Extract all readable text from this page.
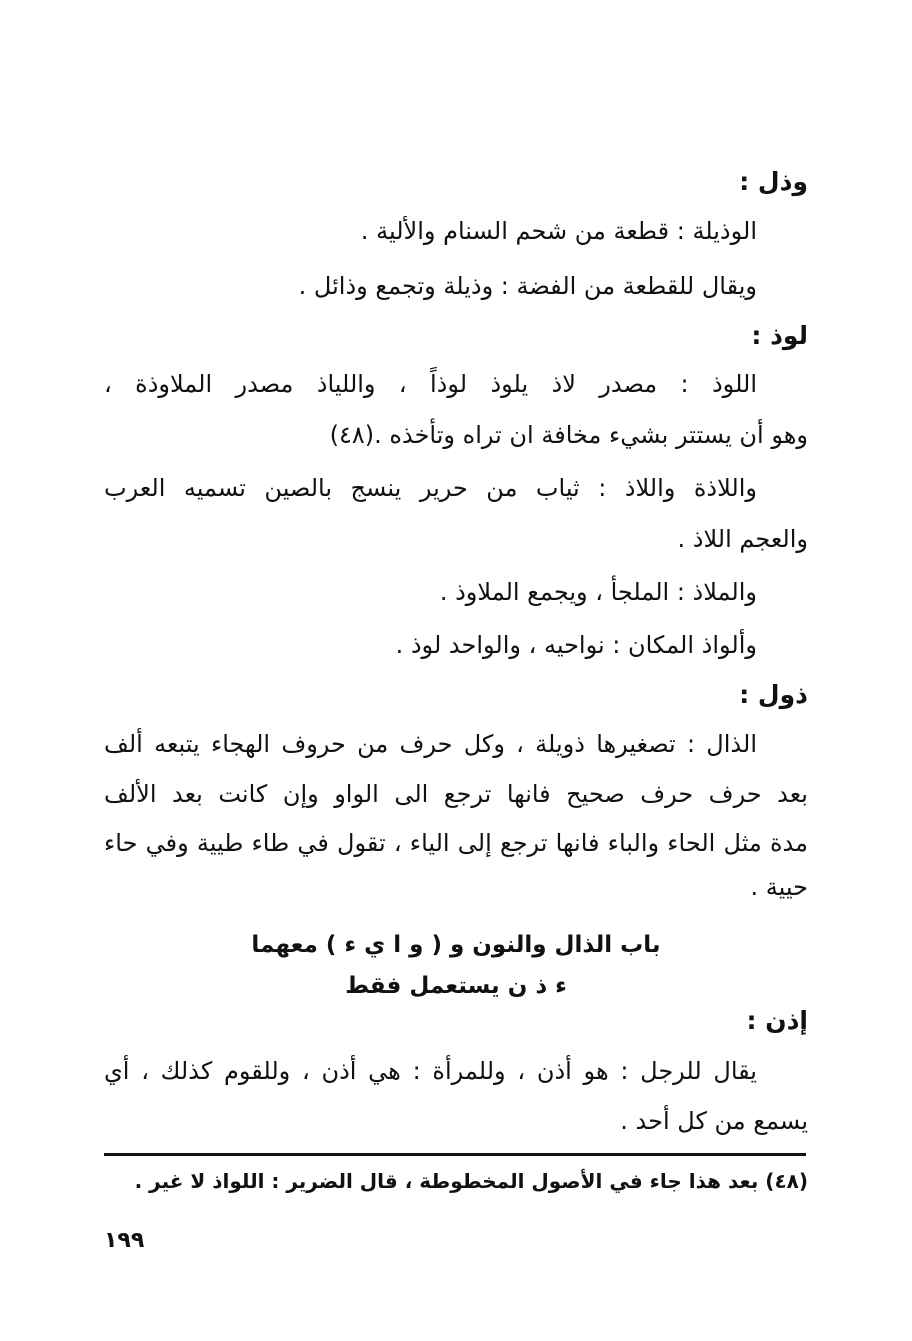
وذل :
الوذيلة : قطعة من شحم السنام والألية .
ويقال للقطعة من الفضة : وذيلة وتجمع وذائل .
لوذ :
اللوذ : مصدر لاذ يلوذ لوذاً ، واللياذ مصدر الملاوذة ،
وهو أن يستتر بشيء مخافة ان تراه وتأخذه .(٤٨)
واللاذة واللاذ : ثياب من حرير ينسج بالصين تسميه العرب
والعجم اللاذ .
والملاذ : الملجأ ، ويجمع الملاوذ .
وألواذ المكان : نواحيه ، والواحد لوذ .
ذول :
الذال : تصغيرها ذويلة ، وكل حرف من حروف الهجاء يتبعه ألف
بعد حرف حرف صحيح فانها ترجع الى الواو وإن كانت بعد الألف
مدة مثل الحاء والباء فانها ترجع إلى الياء ، تقول في طاء طيية وفي حاء
حيية .
باب الذال والنون و ( و ا ي ء ) معهما
ء ذ ن يستعمل فقط
إذن :
يقال للرجل : هو أذن ، وللمرأة : هي أذن ، وللقوم كذلك ، أي
يسمع من كل أحد .
(٤٨) بعد هذا جاء في الأصول المخطوطة ، قال الضرير : اللواذ لا غير .
١٩٩
